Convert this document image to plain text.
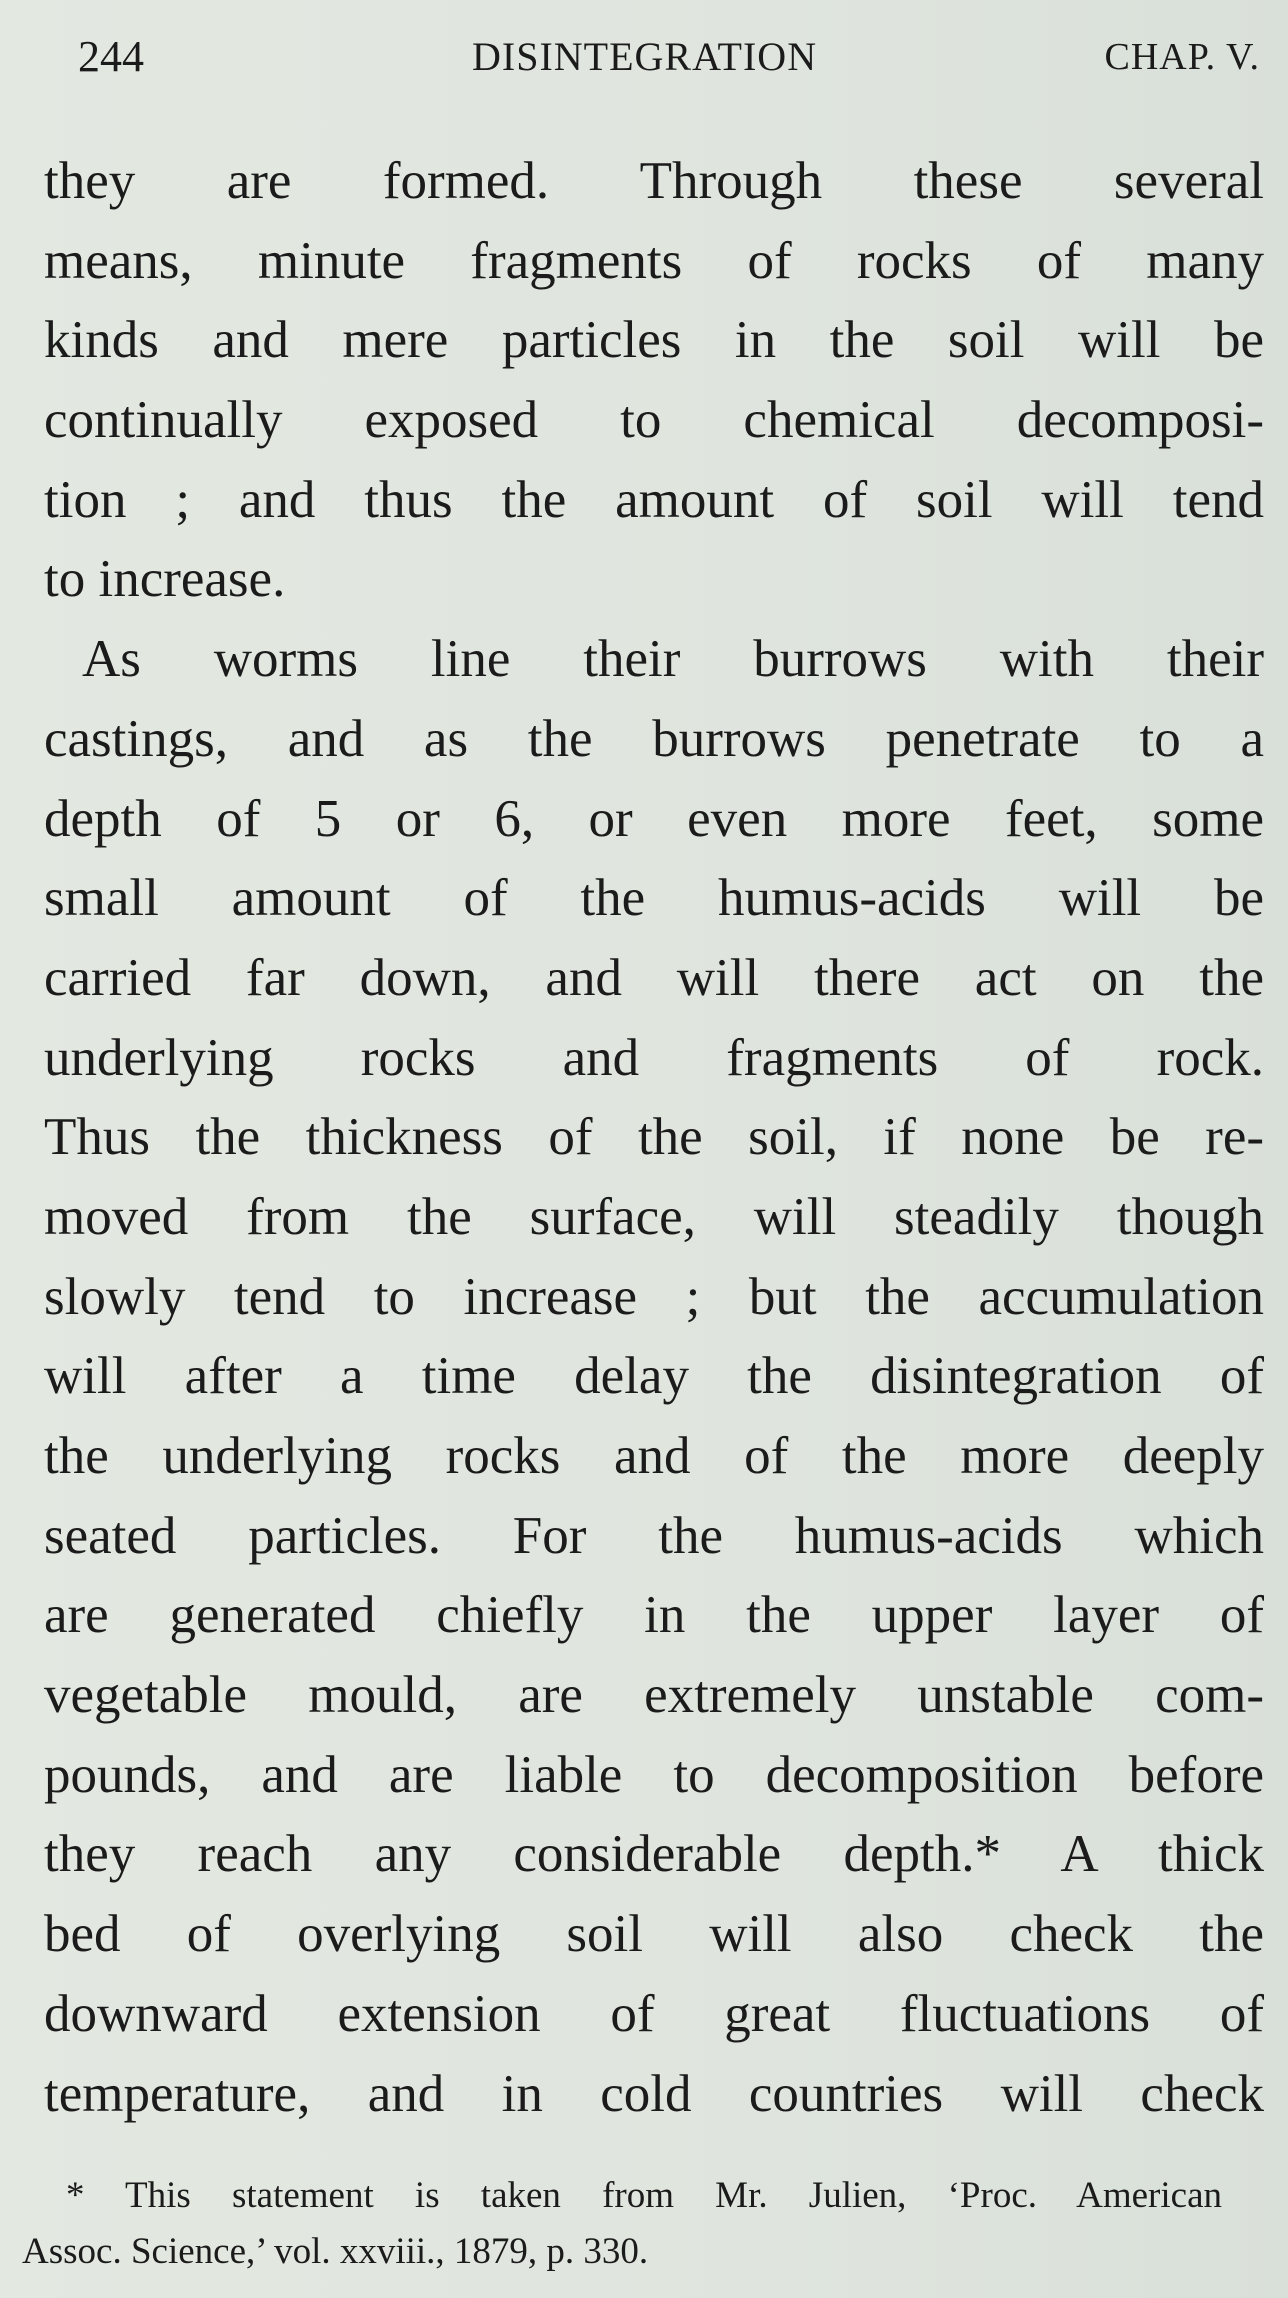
244	DISINTEGRATION	CHAP. V.
they are formed. Through these several
means, minute fragments of rocks of many
kinds and mere particles in the soil will be
continually exposed to chemical decomposi-
tion ; and thus the amount of soil will tend
to increase.
As worms line their burrows with their
castings, and as the burrows penetrate to a
depth of 5 or 6, or even more feet, some
small amount of the humus-acids will be
carried far down, and will there act on the
underlying rocks and fragments of rock.
Thus the thickness of the soil, if none be re-
moved from the surface, will steadily though
slowly tend to increase ; but the accumulation
will after a time delay the disintegration of
the underlying rocks and of the more deeply
seated particles. For the humus-acids which
are generated chiefly in the upper layer of
vegetable mould, are extremely unstable com-
pounds, and are liable to decomposition before
they reach any considerable depth.* A thick
bed of overlying soil will also check the
downward extension of great fluctuations of
temperature, and in cold countries will check
* This statement is taken from Mr. Julien, ‘Proc. American
Assoc. Science,’ vol. xxviii., 1879, p. 330.
